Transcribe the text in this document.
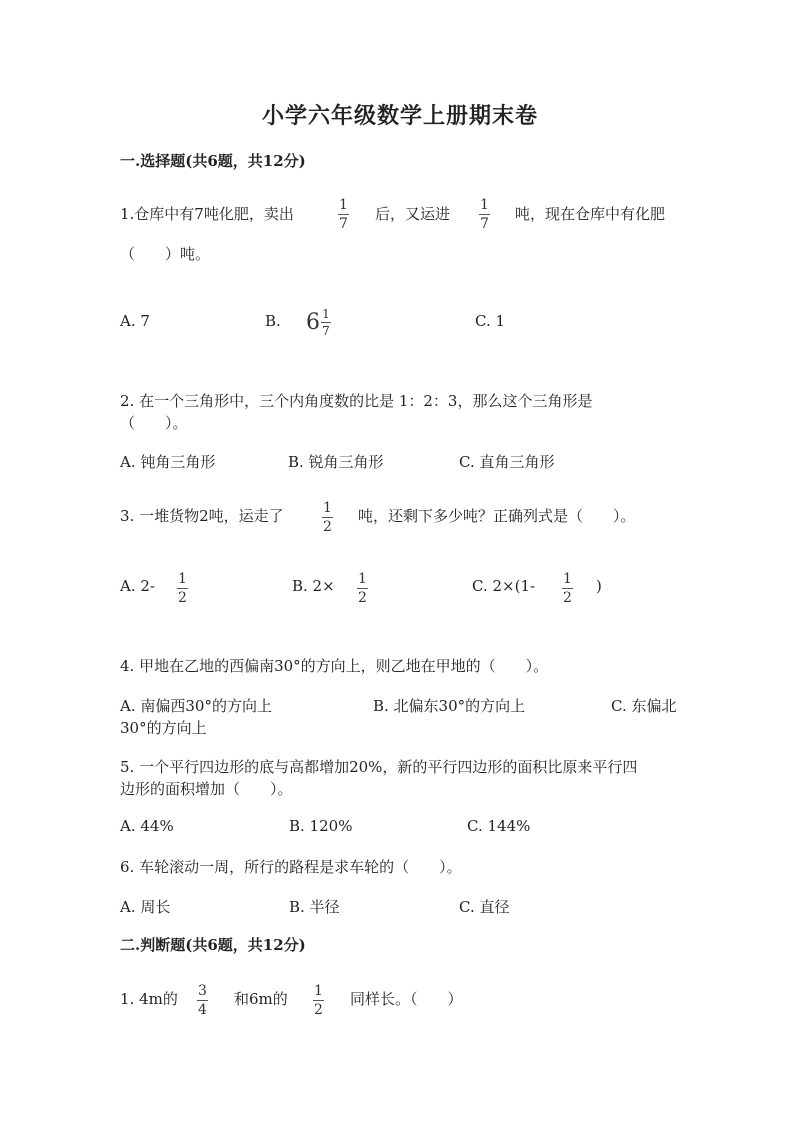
小学六年级数学上册期末卷
一.选择题(共6题，共12分)
1.仓库中有7吨化肥，卖出	1
7
后，又运进 1
7
吨，现在仓库中有化肥
（　　）吨。
A. 7	B. $6 \frac{1}{7}$	C. 1
2. 在一个三角形中，三个内角度数的比是 1：2：3，那么这个三角形是
（　　）。
A. 钝角三角形	B. 锐角三角形	C. 直角三角形
3. 一堆货物2吨，运走了	1
2
吨，还剩下多少吨？正确列式是（　　）。
A. 2- 1
2
B. 2× 1
2
C. 2×(1- 1
2
)
4. 甲地在乙地的西偏南30°的方向上，则乙地在甲地的（　　）。
A. 南偏西30°的方向上	B. 北偏东30°的方向上	C. 东偏北
30°的方向上
5. 一个平行四边形的底与高都增加20%，新的平行四边形的面积比原来平行四
边形的面积增加（　　）。
A. 44%	B. 120%	C. 144%
6. 车轮滚动一周，所行的路程是求车轮的（　　）。
A. 周长	B. 半径	C. 直径
二.判断题(共6题，共12分)
1. 4m的 3
4
和6m的 1
2
同样长。（　　）
